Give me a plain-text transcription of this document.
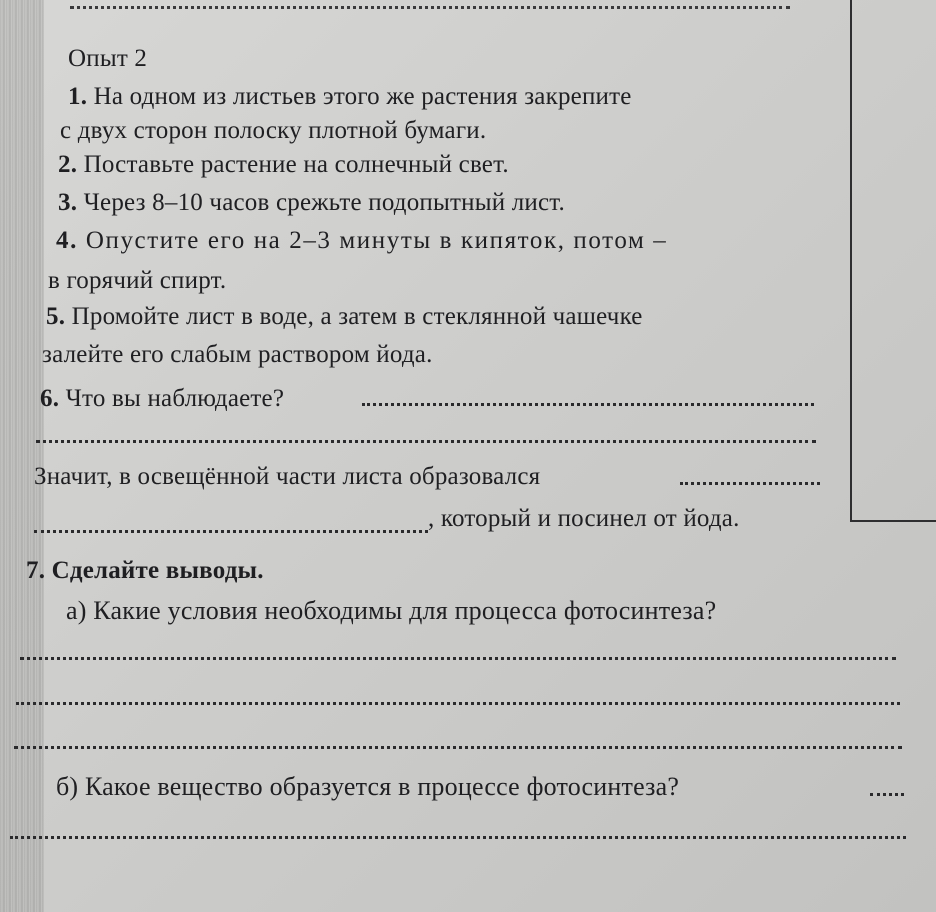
Опыт 2
1. На одном из листьев этого же растения закрепите
с двух сторон полоску плотной бумаги.
2. Поставьте растение на солнечный свет.
3. Через 8–10 часов срежьте подопытный лист.
4. Опустите его на 2–3 минуты в кипяток, потом –
в горячий спирт.
5. Промойте лист в воде, а затем в стеклянной чашечке
залейте его слабым раствором йода.
6. Что вы наблюдаете?
Значит, в освещённой части листа образовался
, который и посинел от йода.
7. Сделайте выводы.
а) Какие условия необходимы для процесса фотосинтеза?
б) Какое вещество образуется в процессе фотосинтеза?
